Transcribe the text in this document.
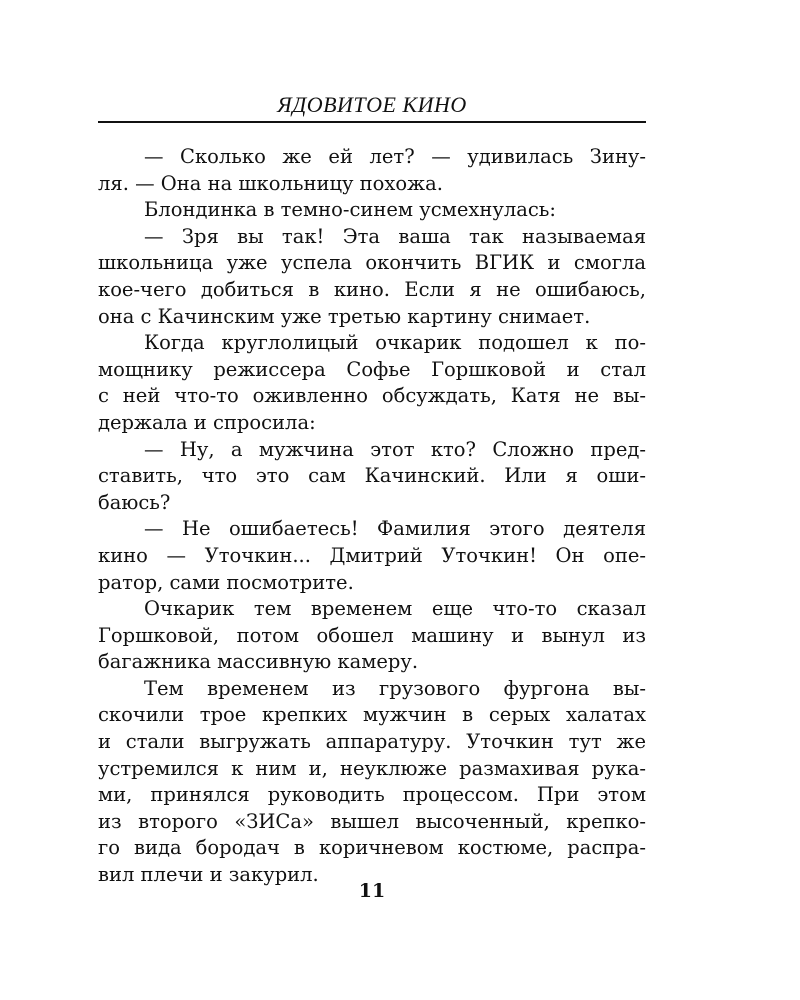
ЯДОВИТОЕ КИНО
— Сколько же ей лет? — удивилась Зину-
ля. — Она на школьницу похожа.
Блондинка в темно-синем усмехнулась:
— Зря вы так! Эта ваша так называемая
школьница уже успела окончить ВГИК и смогла
кое-чего добиться в кино. Если я не ошибаюсь,
она с Качинским уже третью картину снимает.
Когда круглолицый очкарик подошел к по-
мощнику режиссера Софье Горшковой и стал
с ней что-то оживленно обсуждать, Катя не вы-
держала и спросила:
— Ну, а мужчина этот кто? Сложно пред-
ставить, что это сам Качинский. Или я оши-
баюсь?
— Не ошибаетесь! Фамилия этого деятеля
кино — Уточкин... Дмитрий Уточкин! Он опе-
ратор, сами посмотрите.
Очкарик тем временем еще что-то сказал
Горшковой, потом обошел машину и вынул из
багажника массивную камеру.
Тем временем из грузового фургона вы-
скочили трое крепких мужчин в серых халатах
и стали выгружать аппаратуру. Уточкин тут же
устремился к ним и, неуклюже размахивая рука-
ми, принялся руководить процессом. При этом
из второго «ЗИСа» вышел высоченный, крепко-
го вида бородач в коричневом костюме, распра-
вил плечи и закурил.
11
